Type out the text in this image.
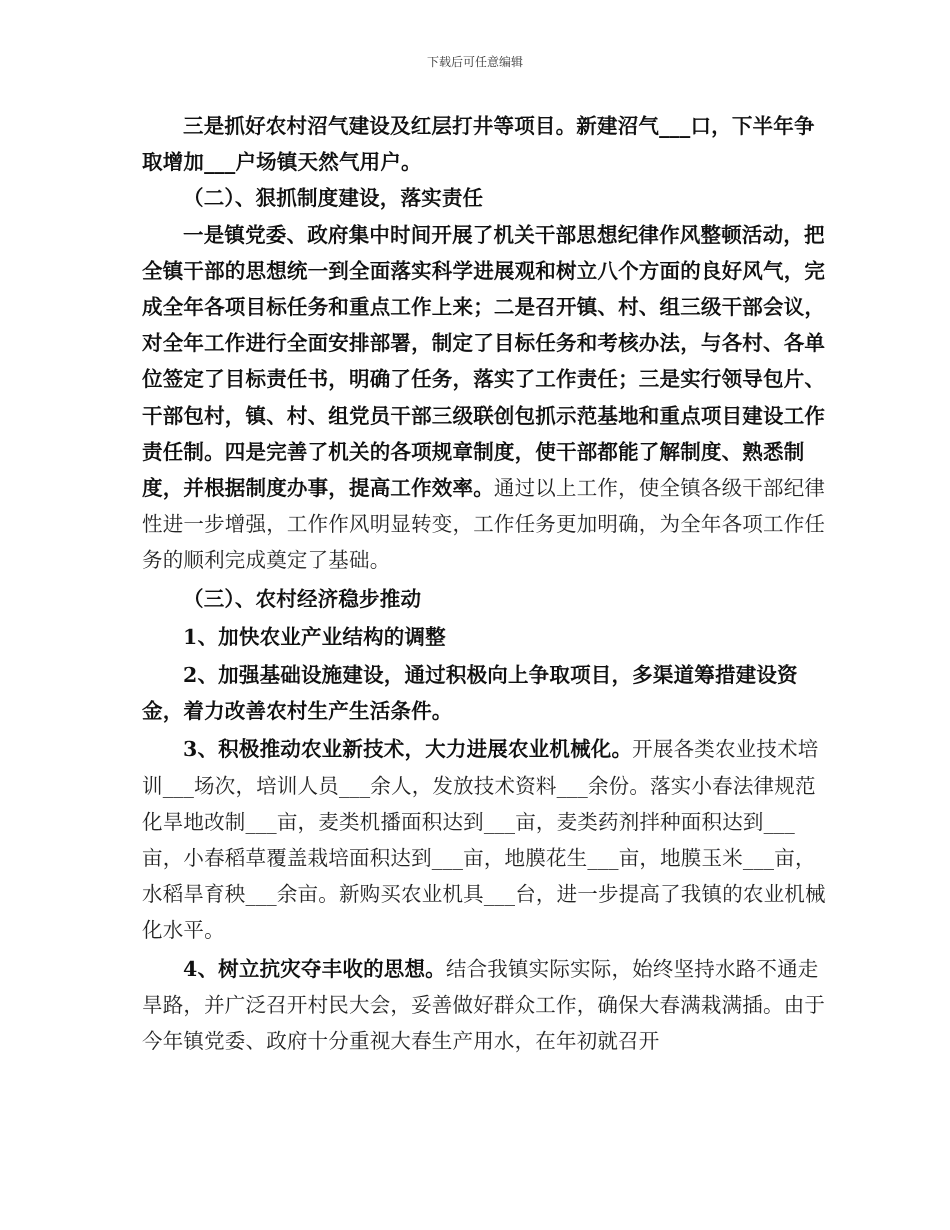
下载后可任意编辑

三是抓好农村沼气建设及红层打井等项目。新建沼气___口，下半年争取增加___户场镇天然气用户。

（二）、狠抓制度建设，落实责任

一是镇党委、政府集中时间开展了机关干部思想纪律作风整顿活动，把全镇干部的思想统一到全面落实科学进展观和树立八个方面的良好风气，完成全年各项目标任务和重点工作上来；二是召开镇、村、组三级干部会议，对全年工作进行全面安排部署，制定了目标任务和考核办法，与各村、各单位签定了目标责任书，明确了任务，落实了工作责任；三是实行领导包片、干部包村，镇、村、组党员干部三级联创包抓示范基地和重点项目建设工作责任制。四是完善了机关的各项规章制度，使干部都能了解制度、熟悉制度，并根据制度办事，提高工作效率。通过以上工作，使全镇各级干部纪律性进一步增强，工作作风明显转变，工作任务更加明确，为全年各项工作任务的顺利完成奠定了基础。

（三）、农村经济稳步推动

1、加快农业产业结构的调整

2、加强基础设施建设，通过积极向上争取项目，多渠道筹措建设资金，着力改善农村生产生活条件。

3、积极推动农业新技术，大力进展农业机械化。开展各类农业技术培训___场次，培训人员___余人，发放技术资料___余份。落实小春法律规范化旱地改制___亩，麦类机播面积达到___亩，麦类药剂拌种面积达到___亩，小春稻草覆盖栽培面积达到___亩，地膜花生___亩，地膜玉米___亩，水稻旱育秧___余亩。新购买农业机具___台，进一步提高了我镇的农业机械化水平。

4、树立抗灾夺丰收的思想。结合我镇实际实际，始终坚持水路不通走旱路，并广泛召开村民大会，妥善做好群众工作，确保大春满栽满插。由于今年镇党委、政府十分重视大春生产用水，在年初就召开
